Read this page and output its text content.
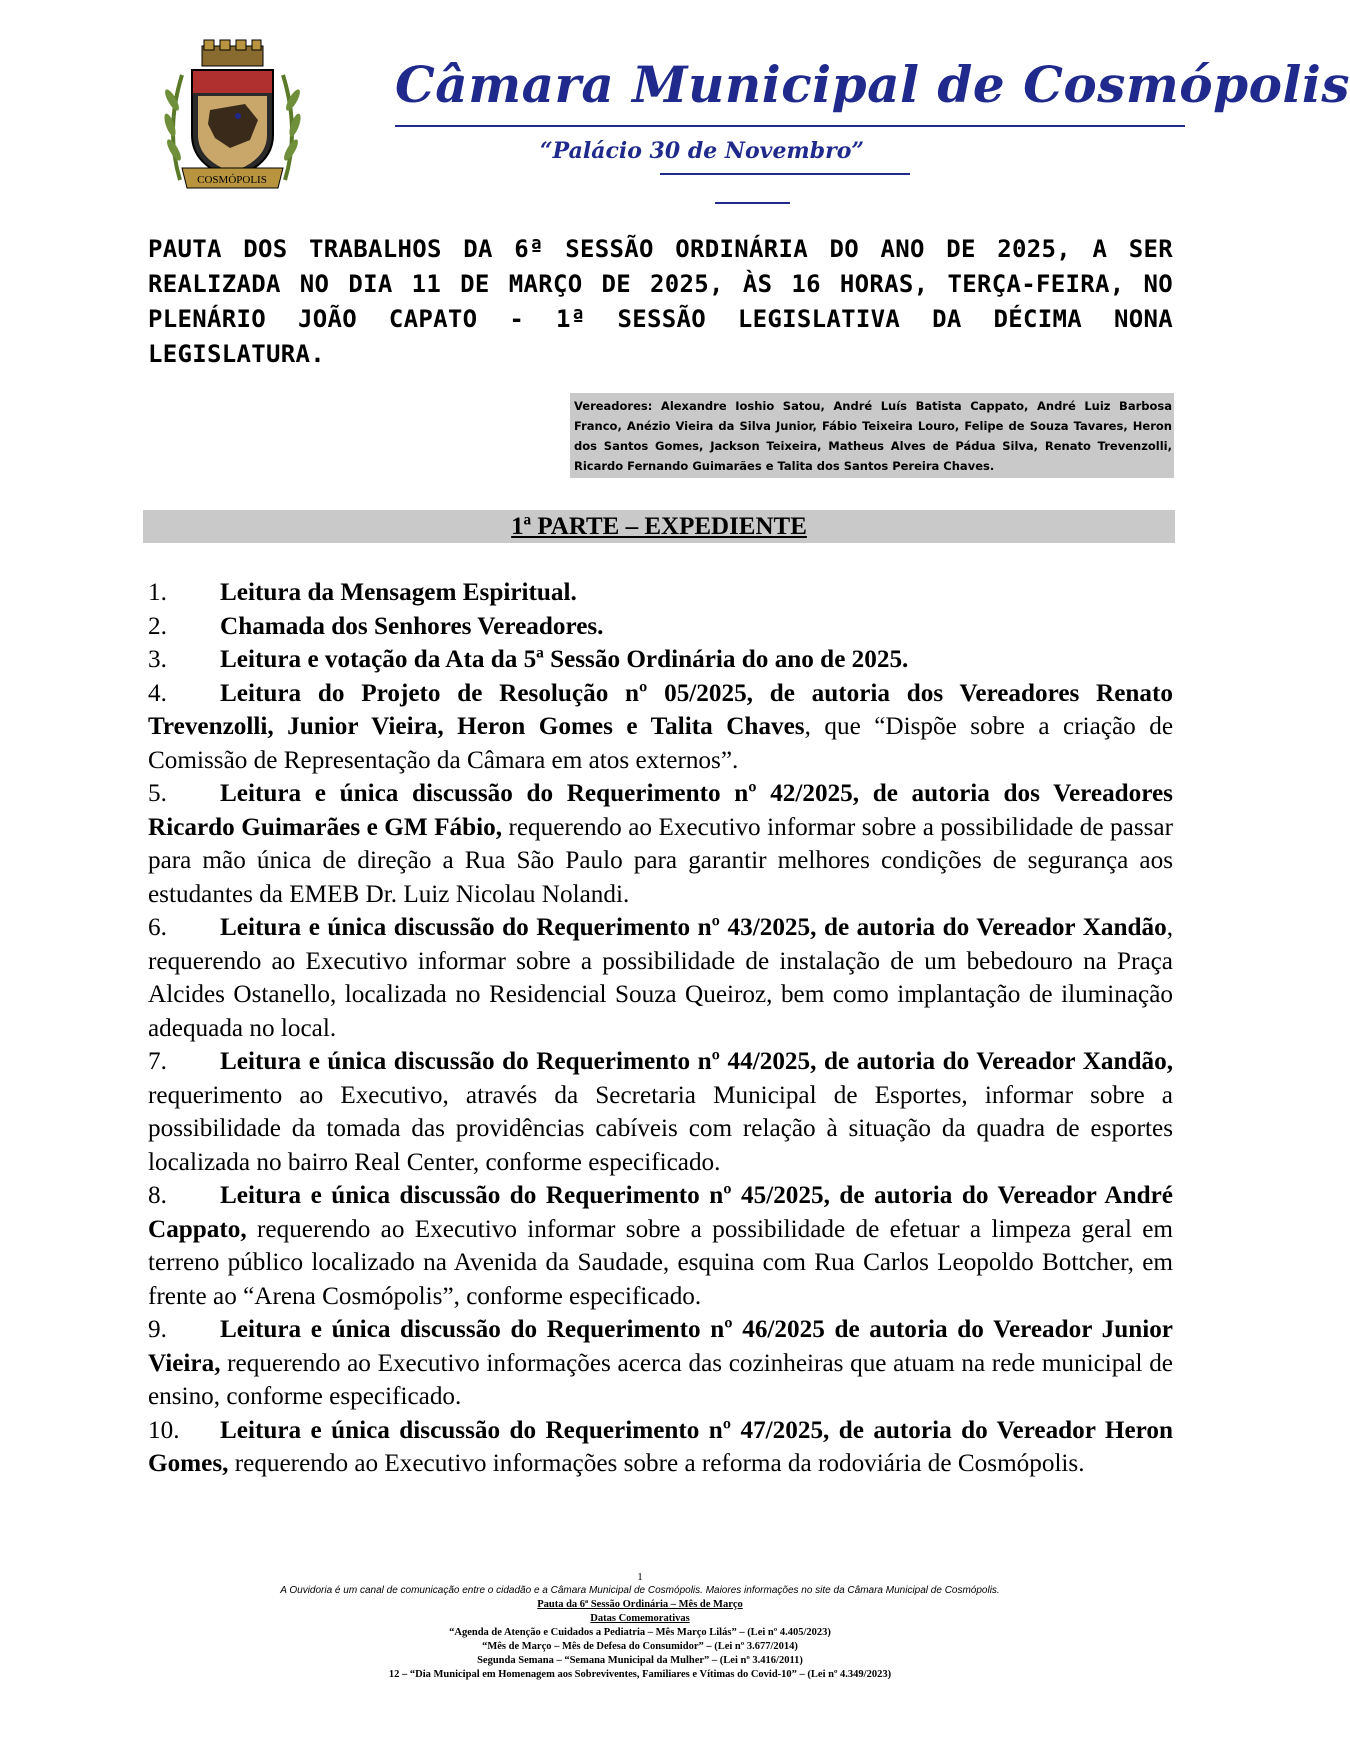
COSMÓPOLIS
Câmara Municipal de Cosmópolis
“Palácio 30 de Novembro”
PAUTA DOS TRABALHOS DA 6ª SESSÃO ORDINÁRIA DO ANO DE 2025, A SER REALIZADA NO DIA 11 DE MARÇO DE 2025, ÀS 16 HORAS, TERÇA-FEIRA, NO PLENÁRIO JOÃO CAPATO - 1ª SESSÃO LEGISLATIVA DA DÉCIMA NONA LEGISLATURA.
Vereadores: Alexandre Ioshio Satou, André Luís Batista Cappato, André Luiz Barbosa Franco, Anézio Vieira da Silva Junior, Fábio Teixeira Louro, Felipe de Souza Tavares, Heron dos Santos Gomes, Jackson Teixeira, Matheus Alves de Pádua Silva, Renato Trevenzolli, Ricardo Fernando Guimarães e Talita dos Santos Pereira Chaves.
1ª PARTE – EXPEDIENTE
1. Leitura da Mensagem Espiritual.
2. Chamada dos Senhores Vereadores.
3. Leitura e votação da Ata da 5ª Sessão Ordinária do ano de 2025.
4. Leitura do Projeto de Resolução nº 05/2025, de autoria dos Vereadores Renato Trevenzolli, Junior Vieira, Heron Gomes e Talita Chaves, que “Dispõe sobre a criação de Comissão de Representação da Câmara em atos externos”.
5. Leitura e única discussão do Requerimento nº 42/2025, de autoria dos Vereadores Ricardo Guimarães e GM Fábio, requerendo ao Executivo informar sobre a possibilidade de passar para mão única de direção a Rua São Paulo para garantir melhores condições de segurança aos estudantes da EMEB Dr. Luiz Nicolau Nolandi.
6. Leitura e única discussão do Requerimento nº 43/2025, de autoria do Vereador Xandão, requerendo ao Executivo informar sobre a possibilidade de instalação de um bebedouro na Praça Alcides Ostanello, localizada no Residencial Souza Queiroz, bem como implantação de iluminação adequada no local.
7. Leitura e única discussão do Requerimento nº 44/2025, de autoria do Vereador Xandão, requerimento ao Executivo, através da Secretaria Municipal de Esportes, informar sobre a possibilidade da tomada das providências cabíveis com relação à situação da quadra de esportes localizada no bairro Real Center, conforme especificado.
8. Leitura e única discussão do Requerimento nº 45/2025, de autoria do Vereador André Cappato, requerendo ao Executivo informar sobre a possibilidade de efetuar a limpeza geral em terreno público localizado na Avenida da Saudade, esquina com Rua Carlos Leopoldo Bottcher, em frente ao “Arena Cosmópolis”, conforme especificado.
9. Leitura e única discussão do Requerimento nº 46/2025 de autoria do Vereador Junior Vieira, requerendo ao Executivo informações acerca das cozinheiras que atuam na rede municipal de ensino, conforme especificado.
10. Leitura e única discussão do Requerimento nº 47/2025, de autoria do Vereador Heron Gomes, requerendo ao Executivo informações sobre a reforma da rodoviária de Cosmópolis.
1
A Ouvidoria é um canal de comunicação entre o cidadão e a Câmara Municipal de Cosmópolis. Maiores informações no site da Câmara Municipal de Cosmópolis.
Pauta da 6ª Sessão Ordinária – Mês de Março
Datas Comemorativas
“Agenda de Atenção e Cuidados a Pediatria – Mês Março Lilás” – (Lei nº 4.405/2023)
“Mês de Março – Mês de Defesa do Consumidor” – (Lei nº 3.677/2014)
Segunda Semana – “Semana Municipal da Mulher” – (Lei nº 3.416/2011)
12 – “Dia Municipal em Homenagem aos Sobreviventes, Familiares e Vítimas do Covid-10” – (Lei nº 4.349/2023)
